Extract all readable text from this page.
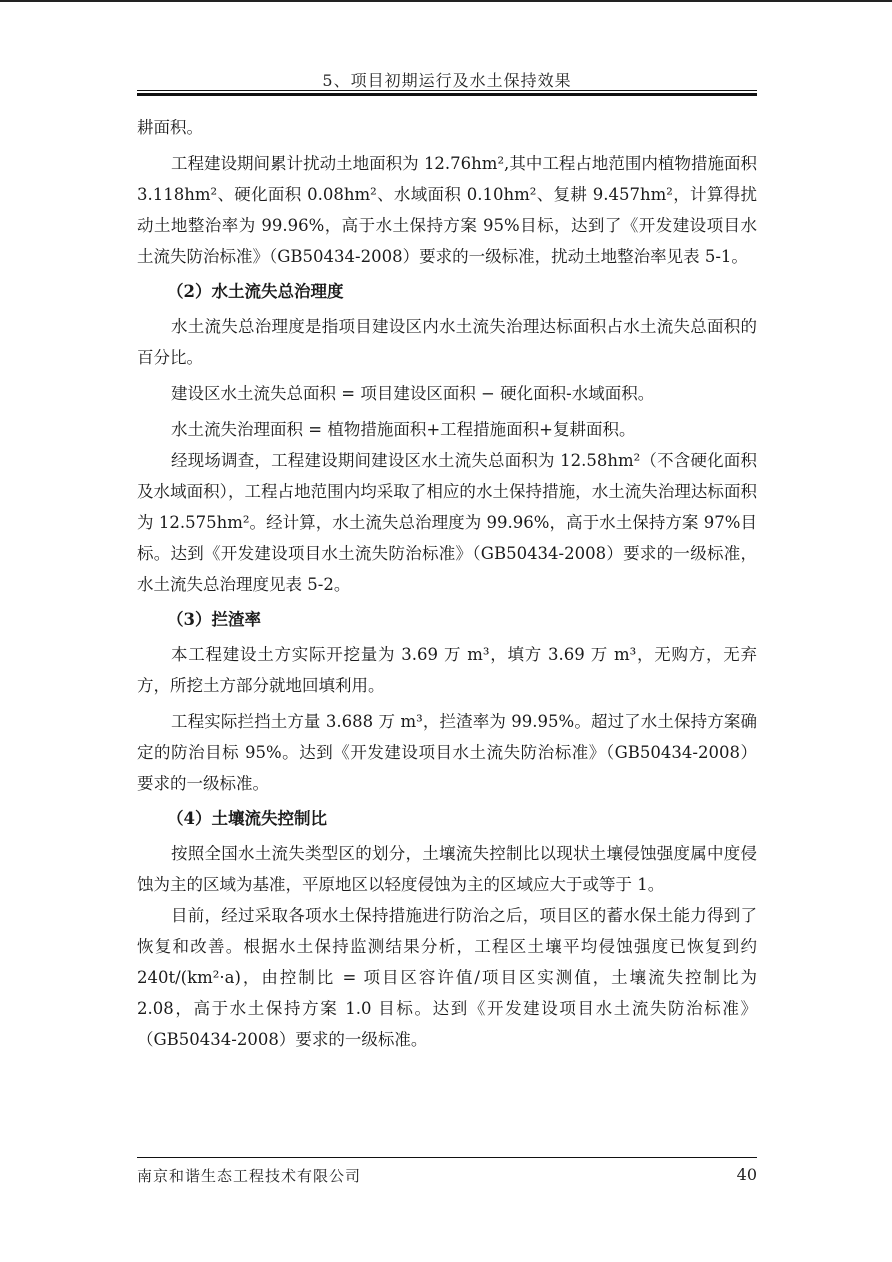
5、项目初期运行及水土保持效果

耕面积。

工程建设期间累计扰动土地面积为 12.76hm²,其中工程占地范围内植物措施面积 3.118hm²、硬化面积 0.08hm²、水域面积 0.10hm²、复耕 9.457hm²，计算得扰动土地整治率为 99.96%，高于水土保持方案 95%目标，达到了《开发建设项目水土流失防治标准》（GB50434-2008）要求的一级标准，扰动土地整治率见表 5-1。

（2）水土流失总治理度

水土流失总治理度是指项目建设区内水土流失治理达标面积占水土流失总面积的百分比。

建设区水土流失总面积 = 项目建设区面积 − 硬化面积-水域面积。

水土流失治理面积 = 植物措施面积+工程措施面积+复耕面积。

经现场调查，工程建设期间建设区水土流失总面积为 12.58hm²（不含硬化面积及水域面积），工程占地范围内均采取了相应的水土保持措施，水土流失治理达标面积为 12.575hm²。经计算，水土流失总治理度为 99.96%，高于水土保持方案 97%目标。达到《开发建设项目水土流失防治标准》（GB50434-2008）要求的一级标准，水土流失总治理度见表 5-2。

（3）拦渣率

本工程建设土方实际开挖量为 3.69 万 m³，填方 3.69 万 m³，无购方，无弃方，所挖土方部分就地回填利用。

工程实际拦挡土方量 3.688 万 m³，拦渣率为 99.95%。超过了水土保持方案确定的防治目标 95%。达到《开发建设项目水土流失防治标准》（GB50434-2008）要求的一级标准。

（4）土壤流失控制比

按照全国水土流失类型区的划分，土壤流失控制比以现状土壤侵蚀强度属中度侵蚀为主的区域为基准，平原地区以轻度侵蚀为主的区域应大于或等于 1。

目前，经过采取各项水土保持措施进行防治之后，项目区的蓄水保土能力得到了恢复和改善。根据水土保持监测结果分析，工程区土壤平均侵蚀强度已恢复到约 240t/(km²·a)，由控制比 = 项目区容许值/项目区实测值，土壤流失控制比为 2.08，高于水土保持方案 1.0 目标。达到《开发建设项目水土流失防治标准》（GB50434-2008）要求的一级标准。

南京和谐生态工程技术有限公司	40
